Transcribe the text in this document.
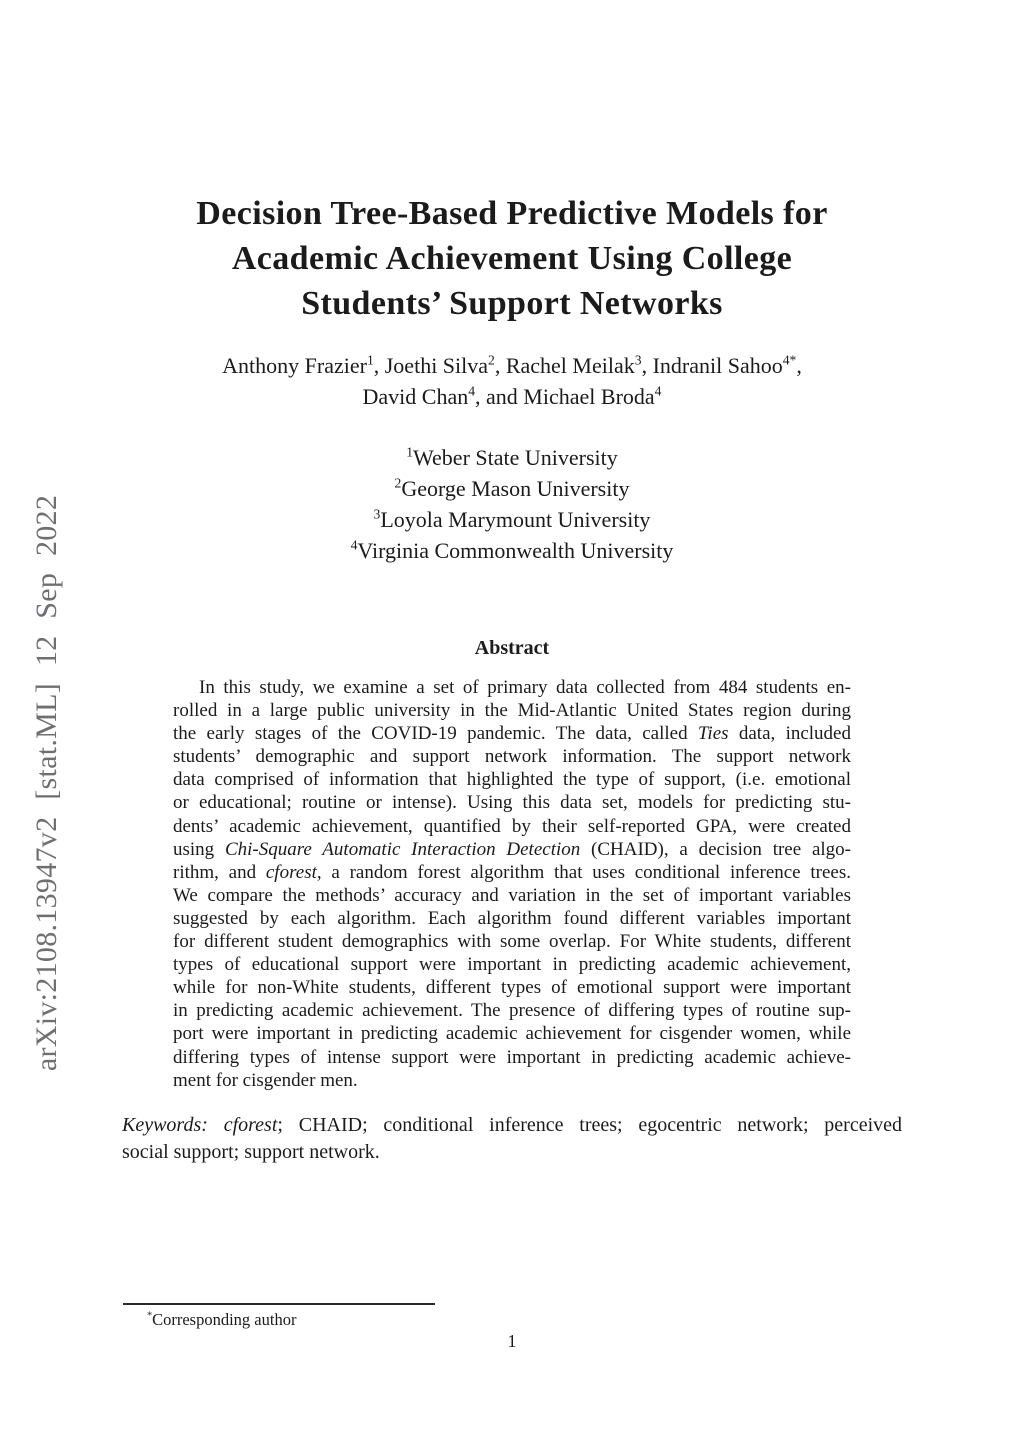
arXiv:2108.13947v2 [stat.ML] 12 Sep 2022
Decision Tree-Based Predictive Models for
Academic Achievement Using College
Students’ Support Networks
Anthony Frazier$^1$, Joethi Silva$^2$, Rachel Meilak$^3$, Indranil Sahoo$^{4*}$,
David Chan$^4$, and Michael Broda$^4$
$^1$Weber State University
$^2$George Mason University
$^3$Loyola Marymount University
$^4$Virginia Commonwealth University
Abstract
In this study, we examine a set of primary data collected from 484 students en-
rolled in a large public university in the Mid-Atlantic United States region during
the early stages of the COVID-19 pandemic. The data, called Ties data, included
students’ demographic and support network information. The support network
data comprised of information that highlighted the type of support, (i.e. emotional
or educational; routine or intense). Using this data set, models for predicting stu-
dents’ academic achievement, quantified by their self-reported GPA, were created
using Chi-Square Automatic Interaction Detection (CHAID), a decision tree algo-
rithm, and cforest, a random forest algorithm that uses conditional inference trees.
We compare the methods’ accuracy and variation in the set of important variables
suggested by each algorithm. Each algorithm found different variables important
for different student demographics with some overlap. For White students, different
types of educational support were important in predicting academic achievement,
while for non-White students, different types of emotional support were important
in predicting academic achievement. The presence of differing types of routine sup-
port were important in predicting academic achievement for cisgender women, while
differing types of intense support were important in predicting academic achieve-
ment for cisgender men.
Keywords: cforest; CHAID; conditional inference trees; egocentric network; perceived
social support; support network.
*Corresponding author
1
